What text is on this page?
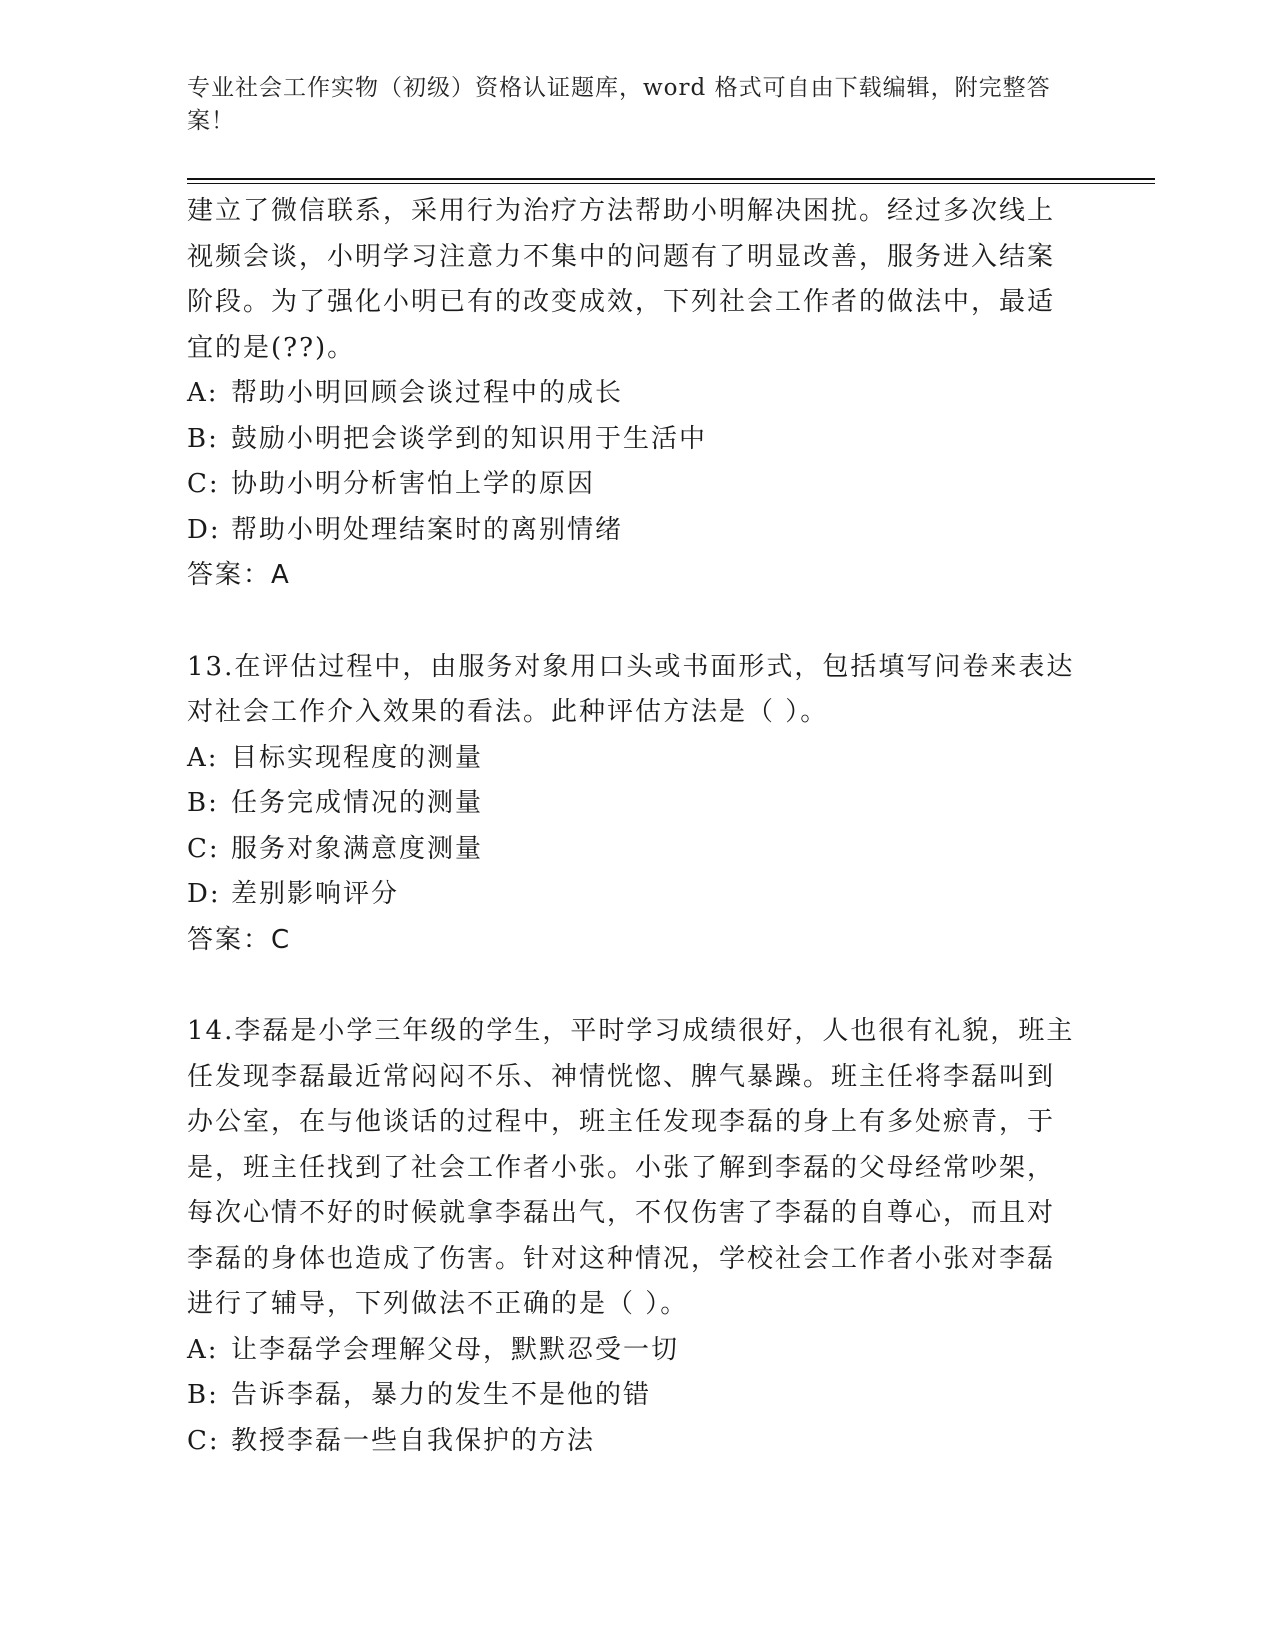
专业社会工作实物（初级）资格认证题库，word 格式可自由下载编辑，附完整答案！

建立了微信联系，采用行为治疗方法帮助小明解决困扰。经过多次线上视频会谈，小明学习注意力不集中的问题有了明显改善，服务进入结案阶段。为了强化小明已有的改变成效，下列社会工作者的做法中，最适宜的是(??)。

A: 帮助小明回顾会谈过程中的成长

B: 鼓励小明把会谈学到的知识用于生活中

C: 协助小明分析害怕上学的原因

D: 帮助小明处理结案时的离别情绪

答案：A

13.在评估过程中，由服务对象用口头或书面形式，包括填写问卷来表达对社会工作介入效果的看法。此种评估方法是（ ）。

A: 目标实现程度的测量

B: 任务完成情况的测量

C: 服务对象满意度测量

D: 差别影响评分

答案：C

14.李磊是小学三年级的学生，平时学习成绩很好，人也很有礼貌，班主任发现李磊最近常闷闷不乐、神情恍惚、脾气暴躁。班主任将李磊叫到办公室，在与他谈话的过程中，班主任发现李磊的身上有多处瘀青，于是，班主任找到了社会工作者小张。小张了解到李磊的父母经常吵架，每次心情不好的时候就拿李磊出气，不仅伤害了李磊的自尊心，而且对李磊的身体也造成了伤害。针对这种情况，学校社会工作者小张对李磊进行了辅导，下列做法不正确的是（ ）。

A: 让李磊学会理解父母，默默忍受一切

B: 告诉李磊，暴力的发生不是他的错

C: 教授李磊一些自我保护的方法
